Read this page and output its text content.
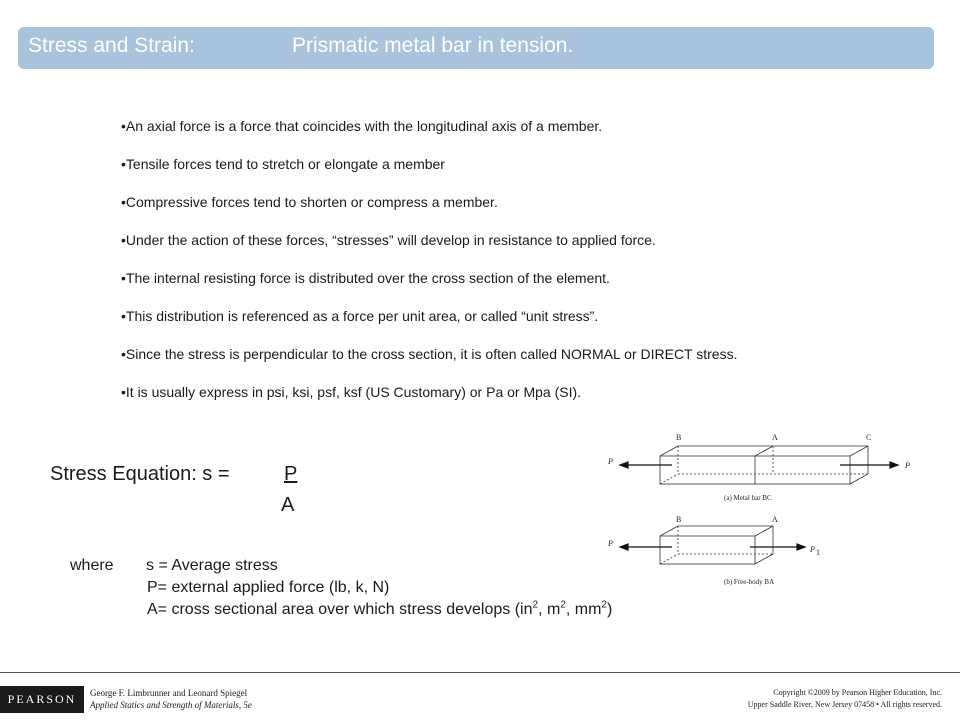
Stress and Strain:	Prismatic metal bar in tension.
• An axial force is a force that coincides with the longitudinal axis of a member.
• Tensile forces tend to stretch or elongate a member
• Compressive forces tend to shorten or compress a member.
• Under the action of these forces, “stresses” will develop in resistance to applied force.
• The internal resisting force is distributed over the cross section of the element.
• This distribution is referenced as a force per unit area, or called “unit stress”.
• Since the stress is perpendicular to the cross section, it is often called NORMAL or DIRECT stress.
• It is usually express in psi, ksi, psf, ksf (US Customary) or Pa or Mpa (SI).
Stress Equation: s =	P
A
where s = Average stress
P= external applied force (lb, k, N)
A= cross sectional area over which stress develops ($in^2$, $m^2$, $mm^2$)
B	A	C
P	P
(a) Metal bar BC
B	A
P
P 1
(b) Free-body BA
PEARSON	George F. Limbrunner and Leonard Spiegel
Applied Statics and Strength of Materials, 5e
Copyright ©2009 by Pearson Higher Education, Inc.
Upper Saddle River, New Jersey 07458 • All rights reserved.
